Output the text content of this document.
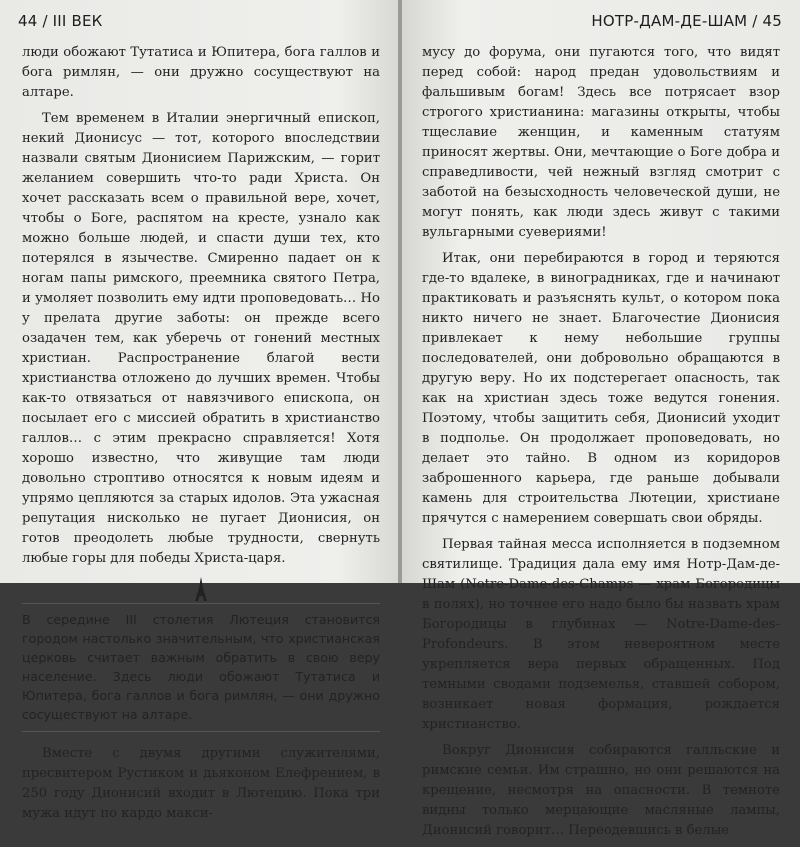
44 / III ВЕК

люди обожают Тутатиса и Юпитера, бога галлов и бога римлян, — они дружно сосуществуют на алтаре.

Тем временем в Италии энергичный епископ, некий Дионисус — тот, которого впоследствии назвали святым Дионисием Парижским, — горит желанием совершить что-то ради Христа. Он хочет рассказать всем о правильной вере, хочет, чтобы о Боге, распятом на кресте, узнало как можно больше людей, и спасти души тех, кто потерялся в язычестве. Смиренно падает он к ногам папы римского, преемника святого Петра, и умоляет позволить ему идти проповедовать… Но у прелата другие заботы: он прежде всего озадачен тем, как уберечь от гонений местных христиан. Распространение благой вести христианства отложено до лучших времен. Чтобы как-то отвязаться от навязчивого епископа, он посылает его с миссией обратить в христианство галлов… с этим прекрасно справляется! Хотя хорошо известно, что живущие там люди довольно строптиво относятся к новым идеям и упрямо цепляются за старых идолов. Эта ужасная репутация нисколько не пугает Дионисия, он готов преодолеть любые трудности, свернуть любые горы для победы Христа-царя.

В середине III столетия Лютеция становится городом настолько значительным, что христианская церковь считает важным обратить в свою веру население. Здесь люди обожают Тутатиса и Юпитера, бога галлов и бога римлян, — они дружно сосуществуют на алтаре.

Вместе с двумя другими служителями, пресвитером Рустиком и дьяконом Елефрением, в 250 году Дионисий входит в Лютецию. Пока три мужа идут по кардо макси-

НОТР-ДАМ-ДЕ-ШАМ / 45

мусу до форума, они пугаются того, что видят перед собой: народ предан удовольствиям и фальшивым богам! Здесь все потрясает взор строгого христианина: магазины открыты, чтобы тщеславие женщин, и каменным статуям приносят жертвы. Они, мечтающие о Боге добра и справедливости, чей нежный взгляд смотрит с заботой на безысходность человеческой души, не могут понять, как люди здесь живут с такими вульгарными суевериями!

Итак, они перебираются в город и теряются где-то вдалеке, в виноградниках, где и начинают практиковать и разъяснять культ, о котором пока никто ничего не знает. Благочестие Дионисия привлекает к нему небольшие группы последователей, они добровольно обращаются в другую веру. Но их подстерегает опасность, так как на христиан здесь тоже ведутся гонения. Поэтому, чтобы защитить себя, Дионисий уходит в подполье. Он продолжает проповедовать, но делает это тайно. В одном из коридоров заброшенного карьера, где раньше добывали камень для строительства Лютеции, христиане прячутся с намерением совершать свои обряды.

Первая тайная месса исполняется в подземном святилище. Традиция дала ему имя Нотр-Дам-де-Шам (Notre-Dame-des-Champs — храм Богородицы в полях), но точнее его надо было бы назвать храм Богородицы в глубинах — Notre-Dame-des-Profondeurs. В этом невероятном месте укрепляется вера первых обращенных. Под темными сводами подземелья, ставшей собором, возникает новая формация, рождается христианство.

Вокруг Дионисия собираются галльские и римские семьи. Им страшно, но они решаются на крещение, несмотря на опасности. В темноте видны только мерцающие масляные лампы, Дионисий говорит… Переодевшись в белые
